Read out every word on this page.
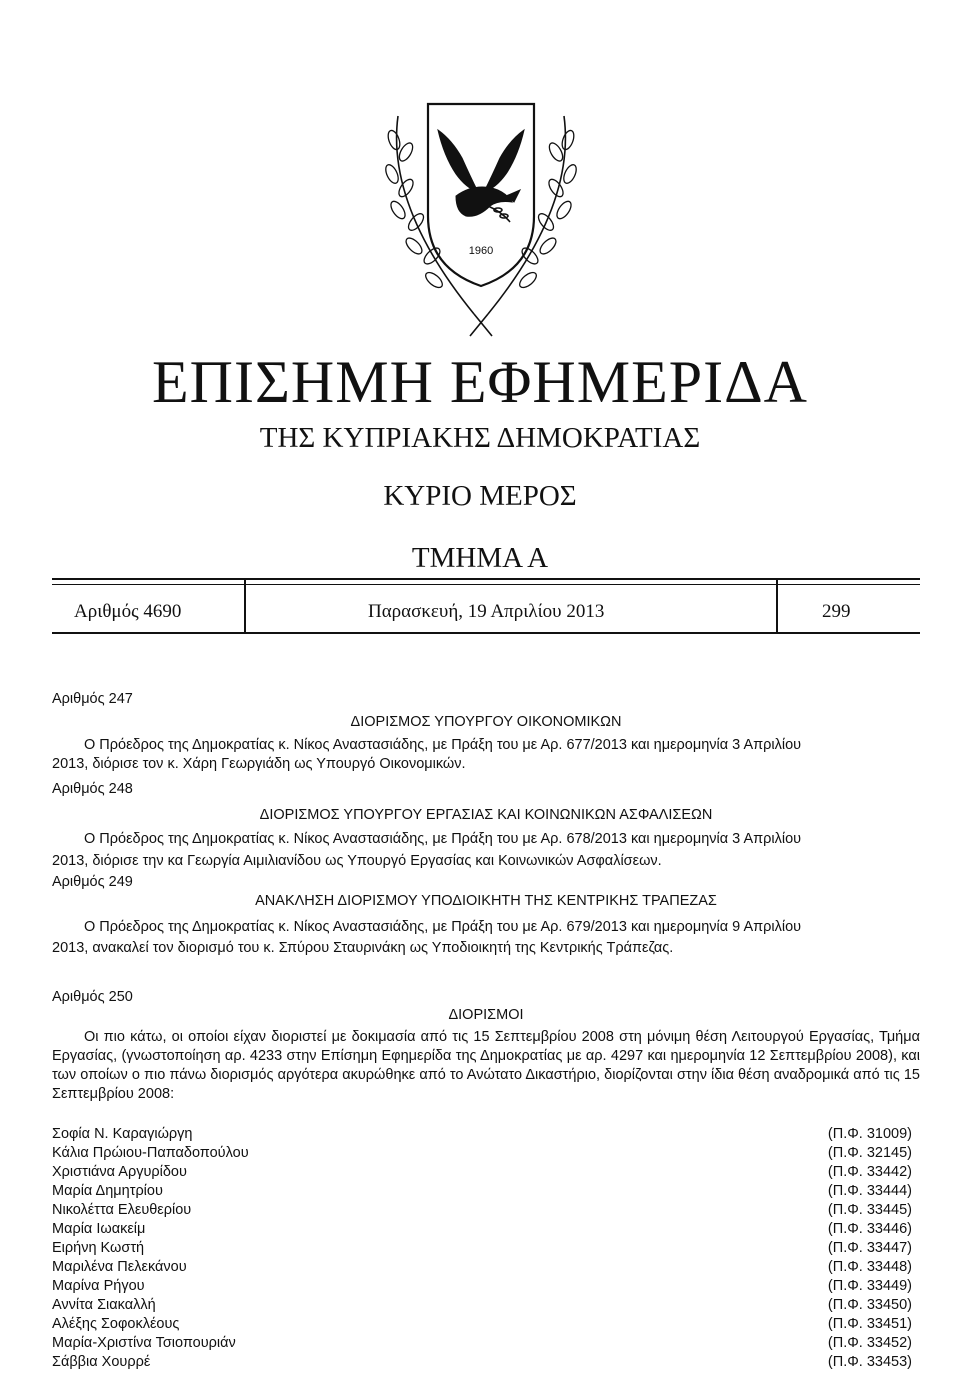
1960
ΕΠΙΣΗΜΗ ΕΦΗΜΕΡΙΔΑ
ΤΗΣ ΚΥΠΡΙΑΚΗΣ ΔΗΜΟΚΡΑΤΙΑΣ
ΚΥΡΙΟ ΜΕΡΟΣ
ΤΜΗΜΑ Α
Αριθμός 4690	Παρασκευή, 19 Απριλίου 2013	299
Αριθμός 247
ΔΙΟΡΙΣΜΟΣ ΥΠΟΥΡΓΟΥ ΟΙΚΟΝΟΜΙΚΩΝ
Ο Πρόεδρος της Δημοκρατίας κ. Νίκος Αναστασιάδης, με Πράξη του με Αρ. 677/2013 και ημερομηνία 3 Απριλίου
2013, διόρισε τον κ. Χάρη Γεωργιάδη ως Υπουργό Οικονομικών.
Αριθμός 248
ΔΙΟΡΙΣΜΟΣ ΥΠΟΥΡΓΟΥ ΕΡΓΑΣΙΑΣ ΚΑΙ ΚΟΙΝΩΝΙΚΩΝ ΑΣΦΑΛΙΣΕΩΝ
Ο Πρόεδρος της Δημοκρατίας κ. Νίκος Αναστασιάδης, με Πράξη του με Αρ. 678/2013 και ημερομηνία 3 Απριλίου
2013, διόρισε την κα Γεωργία Αιμιλιανίδου ως Υπουργό Εργασίας και Κοινωνικών Ασφαλίσεων.
Αριθμός 249
ΑΝΑΚΛΗΣΗ ΔΙΟΡΙΣΜΟΥ ΥΠΟΔΙΟΙΚΗΤΗ ΤΗΣ ΚΕΝΤΡΙΚΗΣ ΤΡΑΠΕΖΑΣ
Ο Πρόεδρος της Δημοκρατίας κ. Νίκος Αναστασιάδης, με Πράξη του με Αρ. 679/2013 και ημερομηνία 9 Απριλίου
2013, ανακαλεί τον διορισμό του κ. Σπύρου Σταυρινάκη ως Υποδιοικητή της Κεντρικής Τράπεζας.
Αριθμός 250
ΔΙΟΡΙΣΜΟΙ
Οι πιο κάτω, οι οποίοι είχαν διοριστεί με δοκιμασία από τις 15 Σεπτεμβρίου 2008 στη μόνιμη θέση Λειτουργού Εργασίας, Τμήμα Εργασίας, (γνωστοποίηση αρ. 4233 στην Επίσημη Εφημερίδα της Δημοκρατίας με αρ. 4297 και ημερομηνία 12 Σεπτεμβρίου 2008), και των οποίων ο πιο πάνω διορισμός αργότερα ακυρώθηκε από το Ανώτατο Δικαστήριο, διορίζονται στην ίδια θέση αναδρομικά από τις 15 Σεπτεμβρίου 2008:
Σοφία Ν. Καραγιώργη	(Π.Φ. 31009)
Κάλια Πρώιου-Παπαδοπούλου	(Π.Φ. 32145)
Χριστιάνα Αργυρίδου	(Π.Φ. 33442)
Μαρία Δημητρίου	(Π.Φ. 33444)
Νικολέττα Ελευθερίου	(Π.Φ. 33445)
Μαρία Ιωακείμ	(Π.Φ. 33446)
Ειρήνη Κωστή	(Π.Φ. 33447)
Μαριλένα Πελεκάνου	(Π.Φ. 33448)
Μαρίνα Ρήγου	(Π.Φ. 33449)
Αννίτα Σιακαλλή	(Π.Φ. 33450)
Αλέξης Σοφοκλέους	(Π.Φ. 33451)
Μαρία-Χριστίνα Τσιοπουριάν	(Π.Φ. 33452)
Σάββια Χουρρέ	(Π.Φ. 33453)
